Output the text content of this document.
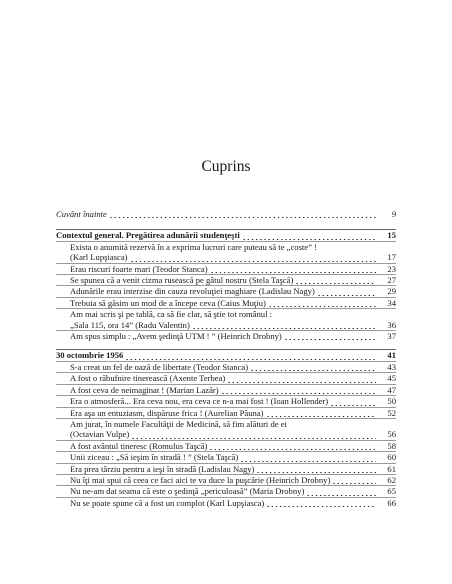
Cuprins
Cuvânt înainte	9
Contextul general. Pregătirea adunării studenţeşti	15
Exista o anumită rezervă în a exprima lucruri care puteau să te „coste” !
(Karl Lupşiasca)	17
Erau riscuri foarte mari (Teodor Stanca)	23
Se spunea că a venit cizma rusească pe gâtul nostru (Stela Taşcă)	27
Adunările erau interzise din cauza revoluţiei maghiare (Ladislau Nagy)	29
Trebuia să găsim un mod de a începe ceva (Caius Muţiu)	34
Am mai scris şi pe tablă, ca să fie clar, să ştie tot românul :
„Sala 115, ora 14” (Radu Valentin)	36
Am spus simplu : „Avem şedinţă UTM ! ” (Heinrich Drobny)	37
30 octombrie 1956	41
S-a creat un fel de oază de libertate (Teodor Stanca)	43
A fost o răbufnire tinerească (Axente Terbea)	45
A fost ceva de neimaginat ! (Marian Lazăr)	47
Era o atmosferă... Era ceva nou, era ceva ce n-a mai fost ! (Ioan Hollender)	50
Era aşa un entuziasm, dispăruse frica ! (Aurelian Păuna)	52
Am jurat, în numele Facultăţii de Medicină, să fim alături de ei
(Octavian Vulpe)	56
A fost avântul tineresc (Romulus Taşcă)	58
Unii ziceau : „Să ieşim în stradă ! ” (Stela Taşcă)	60
Era prea târziu pentru a ieşi în stradă (Ladislau Nagy)	61
Nu îţi mai spui că ceea ce faci aici te va duce la puşcărie (Heinrich Drobny)	62
Nu ne-am dat seama că este o şedinţă „periculoasă” (Maria Drobny)	65
Nu se poate spune că a fost un complot (Karl Lupşiasca)	66
